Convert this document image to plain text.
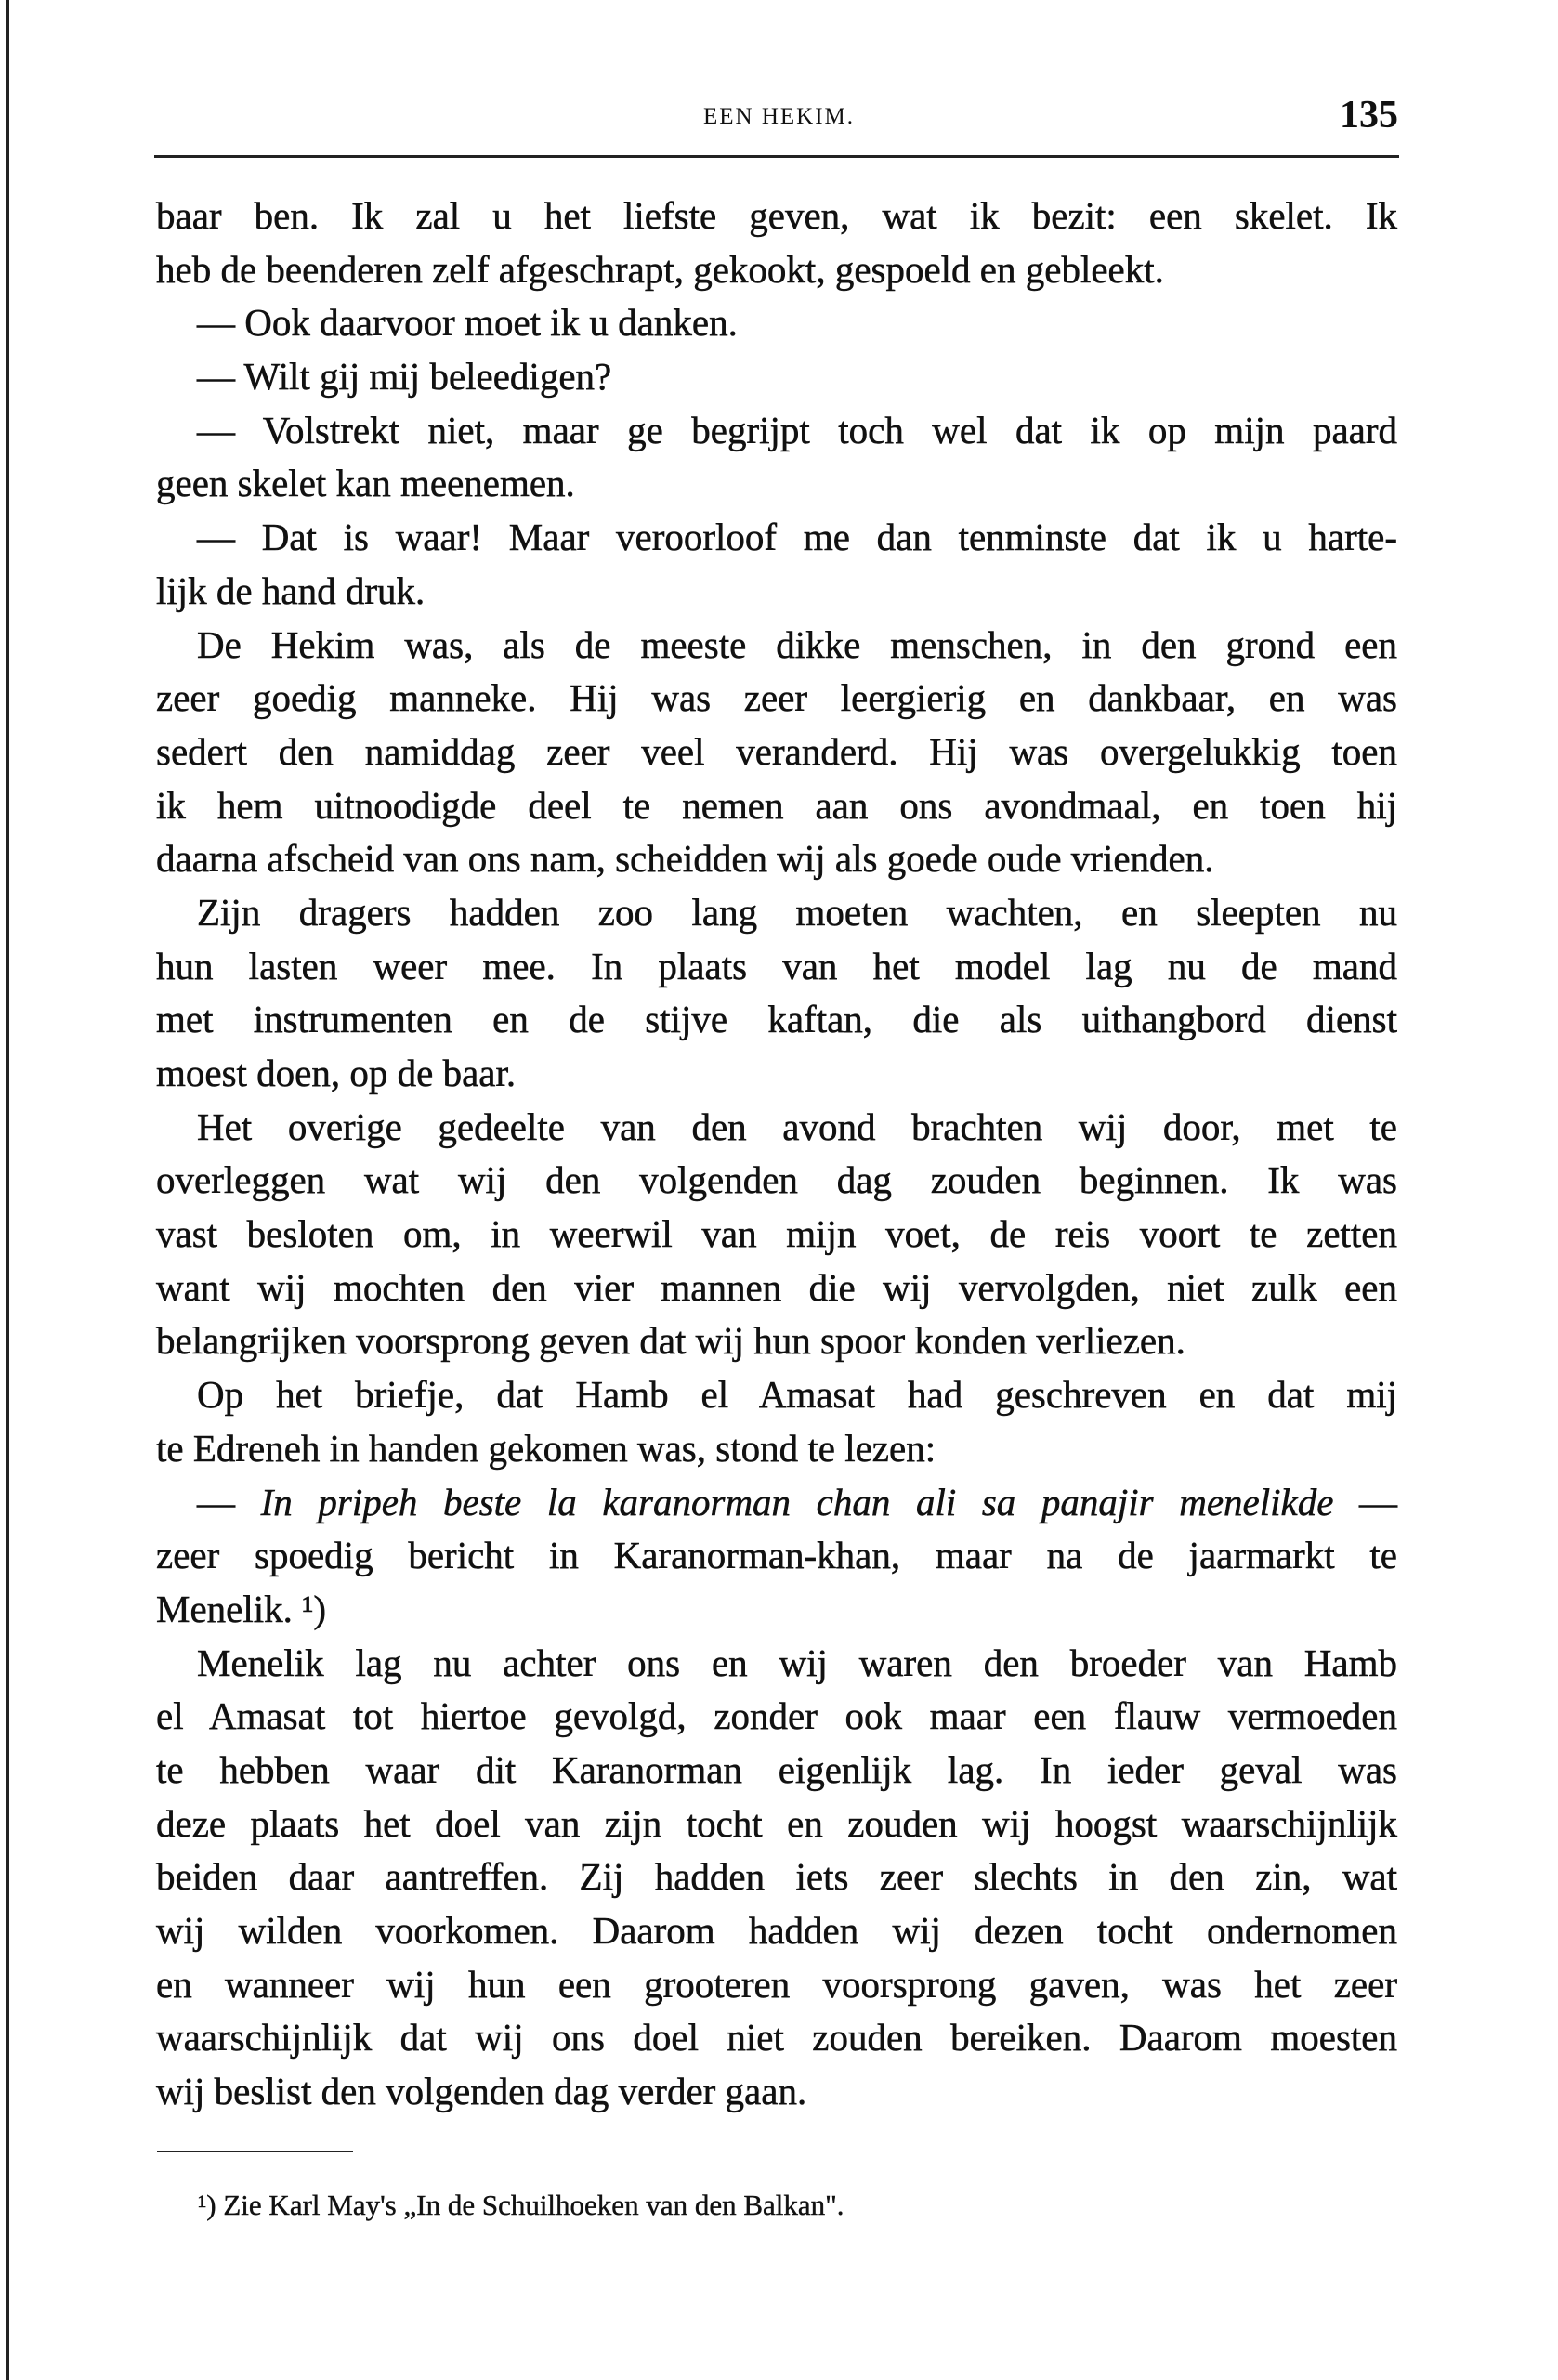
EEN HEKIM.	135
baar ben. Ik zal u het liefste geven, wat ik bezit: een skelet. Ik
heb de beenderen zelf afgeschrapt, gekookt, gespoeld en gebleekt.
— Ook daarvoor moet ik u danken.
— Wilt gij mij beleedigen?
— Volstrekt niet, maar ge begrijpt toch wel dat ik op mijn paard
geen skelet kan meenemen.
— Dat is waar! Maar veroorloof me dan tenminste dat ik u harte-
lijk de hand druk.
De Hekim was, als de meeste dikke menschen, in den grond een
zeer goedig manneke. Hij was zeer leergierig en dankbaar, en was
sedert den namiddag zeer veel veranderd. Hij was overgelukkig toen
ik hem uitnoodigde deel te nemen aan ons avondmaal, en toen hij
daarna afscheid van ons nam, scheidden wij als goede oude vrienden.
Zijn dragers hadden zoo lang moeten wachten, en sleepten nu
hun lasten weer mee. In plaats van het model lag nu de mand
met instrumenten en de stijve kaftan, die als uithangbord dienst
moest doen, op de baar.
Het overige gedeelte van den avond brachten wij door, met te
overleggen wat wij den volgenden dag zouden beginnen. Ik was
vast besloten om, in weerwil van mijn voet, de reis voort te zetten
want wij mochten den vier mannen die wij vervolgden, niet zulk een
belangrijken voorsprong geven dat wij hun spoor konden verliezen.
Op het briefje, dat Hamb el Amasat had geschreven en dat mij
te Edreneh in handen gekomen was, stond te lezen:
— In pripeh beste la karanorman chan ali sa panajir menelikde —
zeer spoedig bericht in Karanorman-khan, maar na de jaarmarkt te
Menelik. ¹)
Menelik lag nu achter ons en wij waren den broeder van Hamb
el Amasat tot hiertoe gevolgd, zonder ook maar een flauw vermoeden
te hebben waar dit Karanorman eigenlijk lag. In ieder geval was
deze plaats het doel van zijn tocht en zouden wij hoogst waarschijnlijk
beiden daar aantreffen. Zij hadden iets zeer slechts in den zin, wat
wij wilden voorkomen. Daarom hadden wij dezen tocht ondernomen
en wanneer wij hun een grooteren voorsprong gaven, was het zeer
waarschijnlijk dat wij ons doel niet zouden bereiken. Daarom moesten
wij beslist den volgenden dag verder gaan.
¹) Zie Karl May's „In de Schuilhoeken van den Balkan".
